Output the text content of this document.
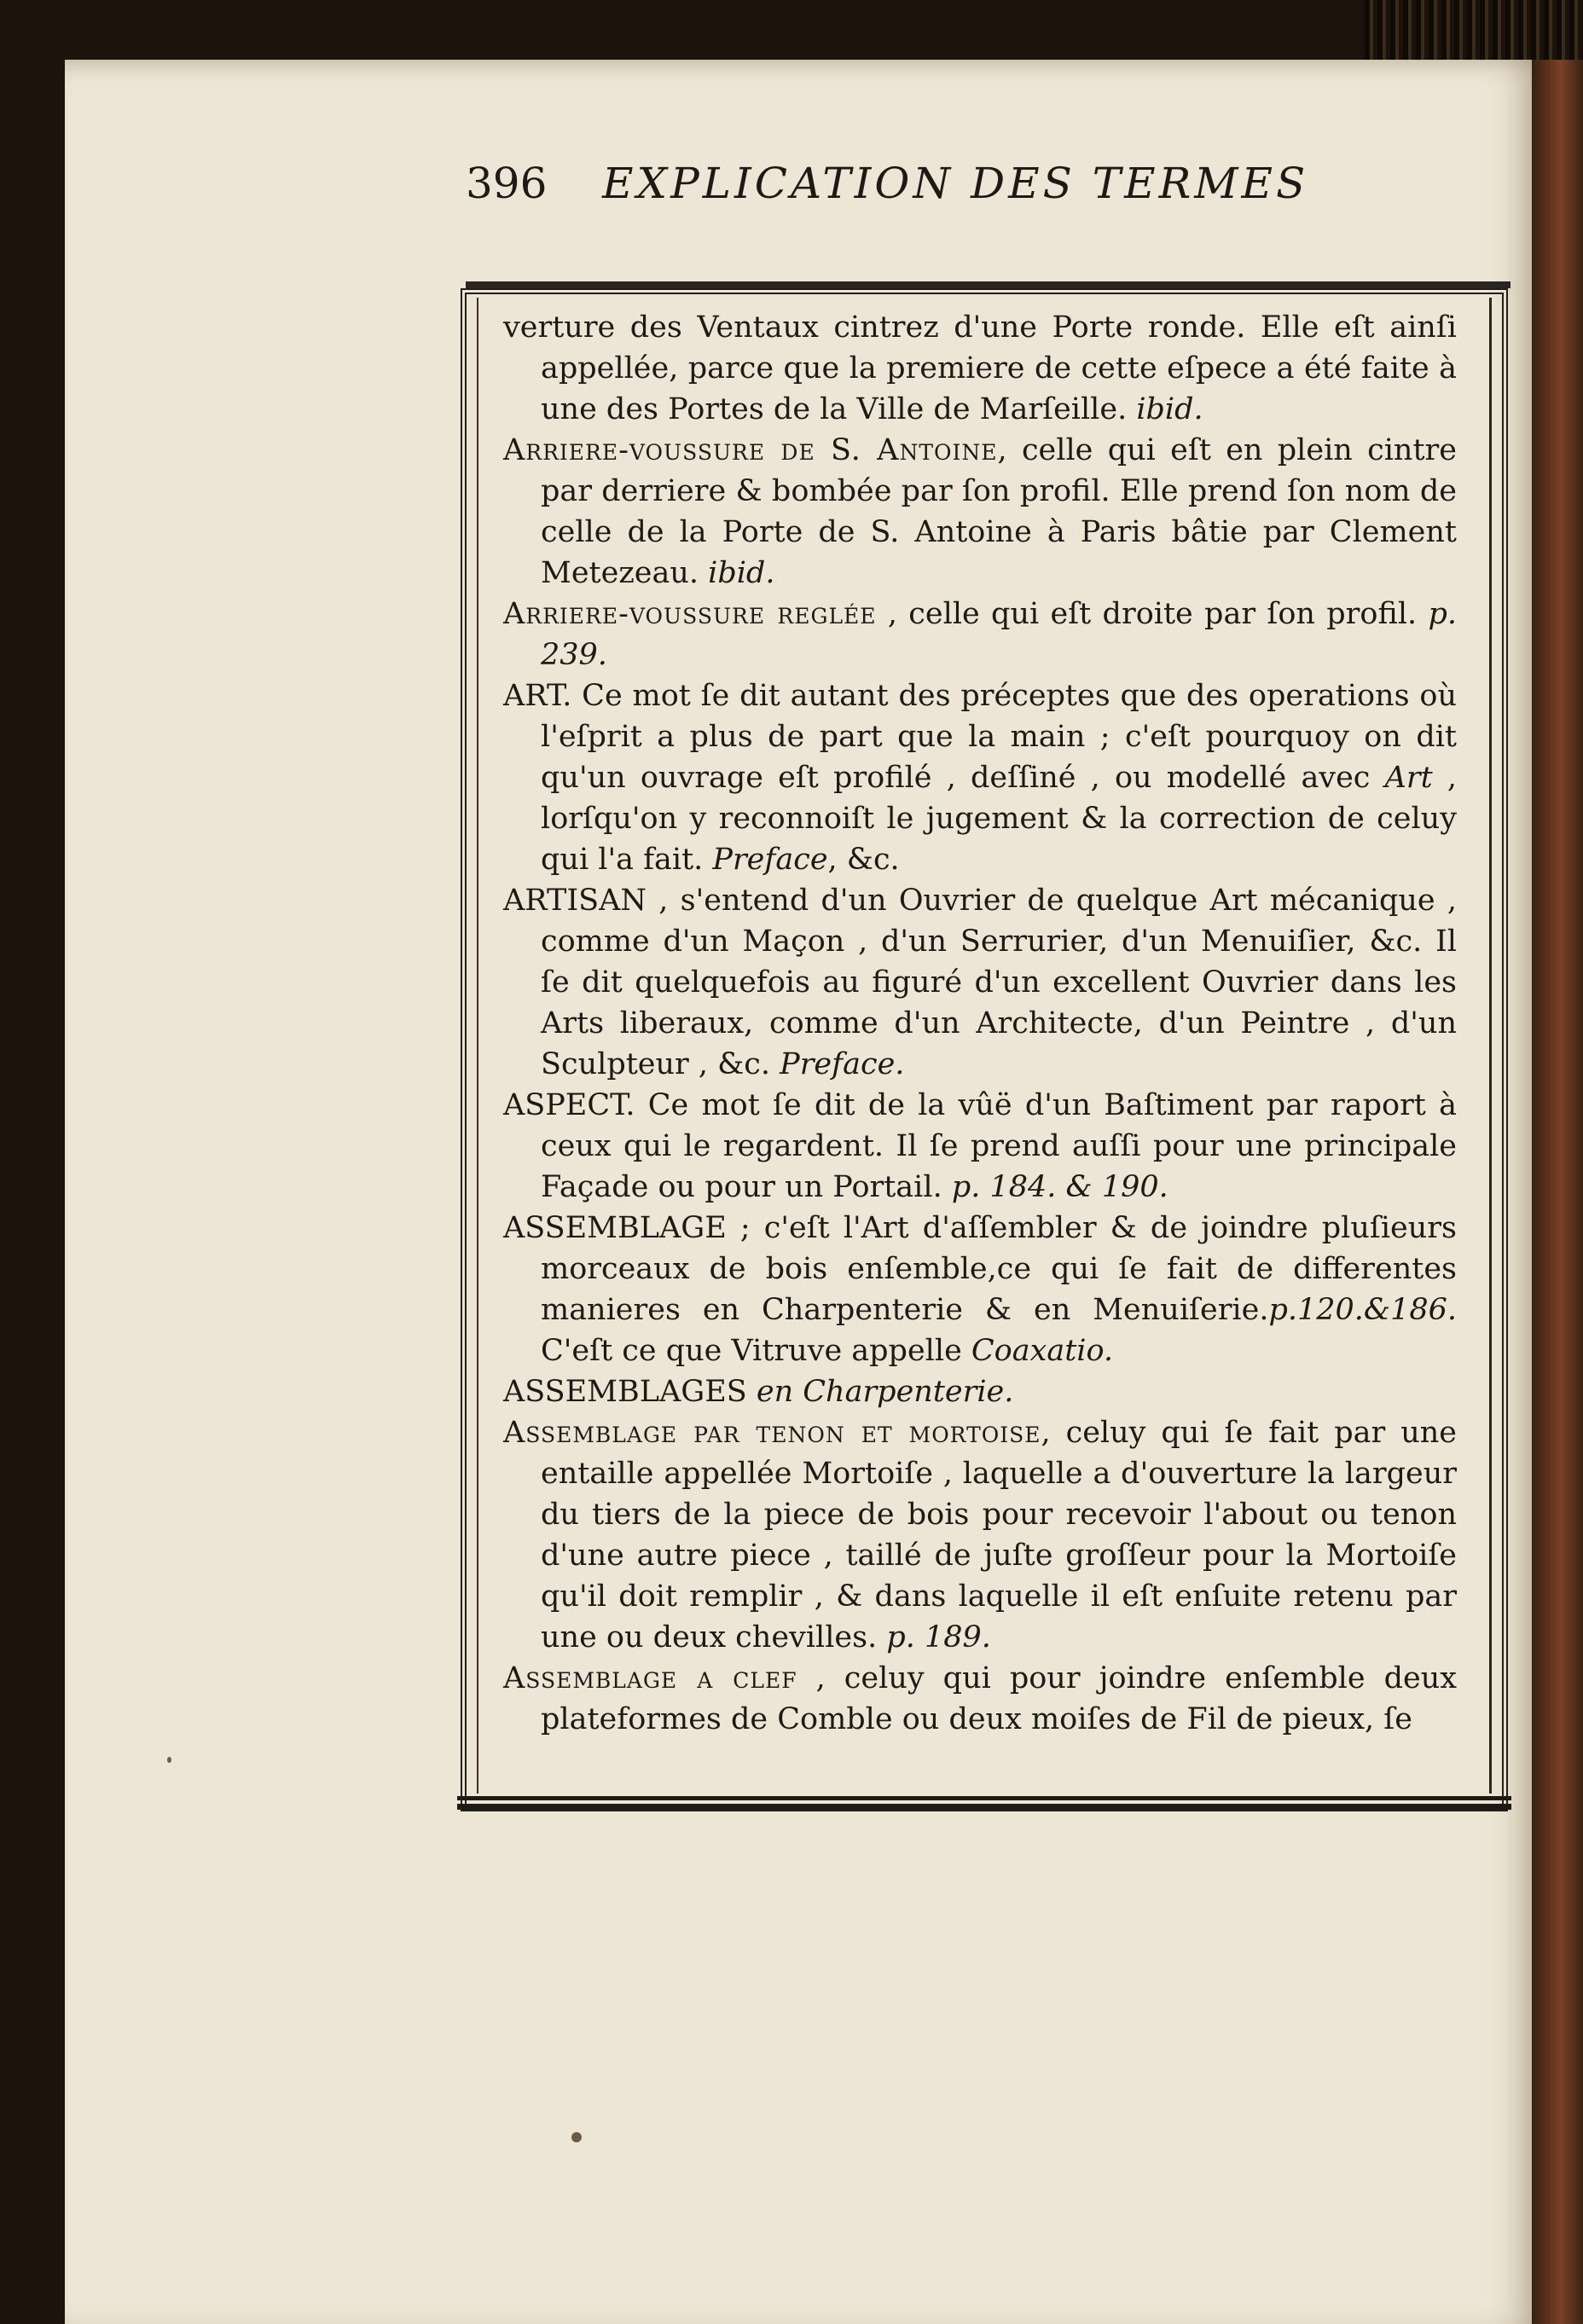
396 EXPLICATION DES TERMES

verture des Ventaux cintrez d'une Porte ronde. Elle eſt ainſi appellée, parce que la premiere de cette eſpece a été faite à une des Portes de la Ville de Marſeille. ibid.

Arriere-voussure de S. Antoine, celle qui eſt en plein cintre par derriere & bombée par ſon profil. Elle prend ſon nom de celle de la Porte de S. Antoine à Paris bâtie par Clement Metezeau. ibid.

Arriere-voussure reglée , celle qui eſt droite par ſon profil. p. 239.

ART. Ce mot ſe dit autant des préceptes que des operations où l'eſprit a plus de part que la main ; c'eſt pourquoy on dit qu'un ouvrage eſt profilé , deſſiné , ou modellé avec Art , lorſqu'on y reconnoiſt le jugement & la correction de celuy qui l'a fait. Preface, &c.

ARTISAN , s'entend d'un Ouvrier de quelque Art mécanique , comme d'un Maçon , d'un Serrurier, d'un Menuiſier, &c. Il ſe dit quelquefois au figuré d'un excellent Ouvrier dans les Arts liberaux, comme d'un Architecte, d'un Peintre , d'un Sculpteur , &c. Preface.

ASPECT. Ce mot ſe dit de la vûë d'un Baſtiment par raport à ceux qui le regardent. Il ſe prend auſſi pour une principale Façade ou pour un Portail. p. 184. & 190.

ASSEMBLAGE ; c'eſt l'Art d'aſſembler & de joindre pluſieurs morceaux de bois enſemble,ce qui ſe fait de differentes manieres en Charpenterie & en Menuiſerie.p.120.&186. C'eſt ce que Vitruve appelle Coaxatio.

ASSEMBLAGES en Charpenterie.

Assemblage par tenon et mortoise, celuy qui ſe fait par une entaille appellée Mortoiſe , laquelle a d'ouverture la largeur du tiers de la piece de bois pour recevoir l'about ou tenon d'une autre piece , taillé de juſte groſſeur pour la Mortoiſe qu'il doit remplir , & dans laquelle il eſt enſuite retenu par une ou deux chevilles. p. 189.

Assemblage a clef , celuy qui pour joindre enſemble deux plateformes de Comble ou deux moiſes de Fil de pieux, ſe
